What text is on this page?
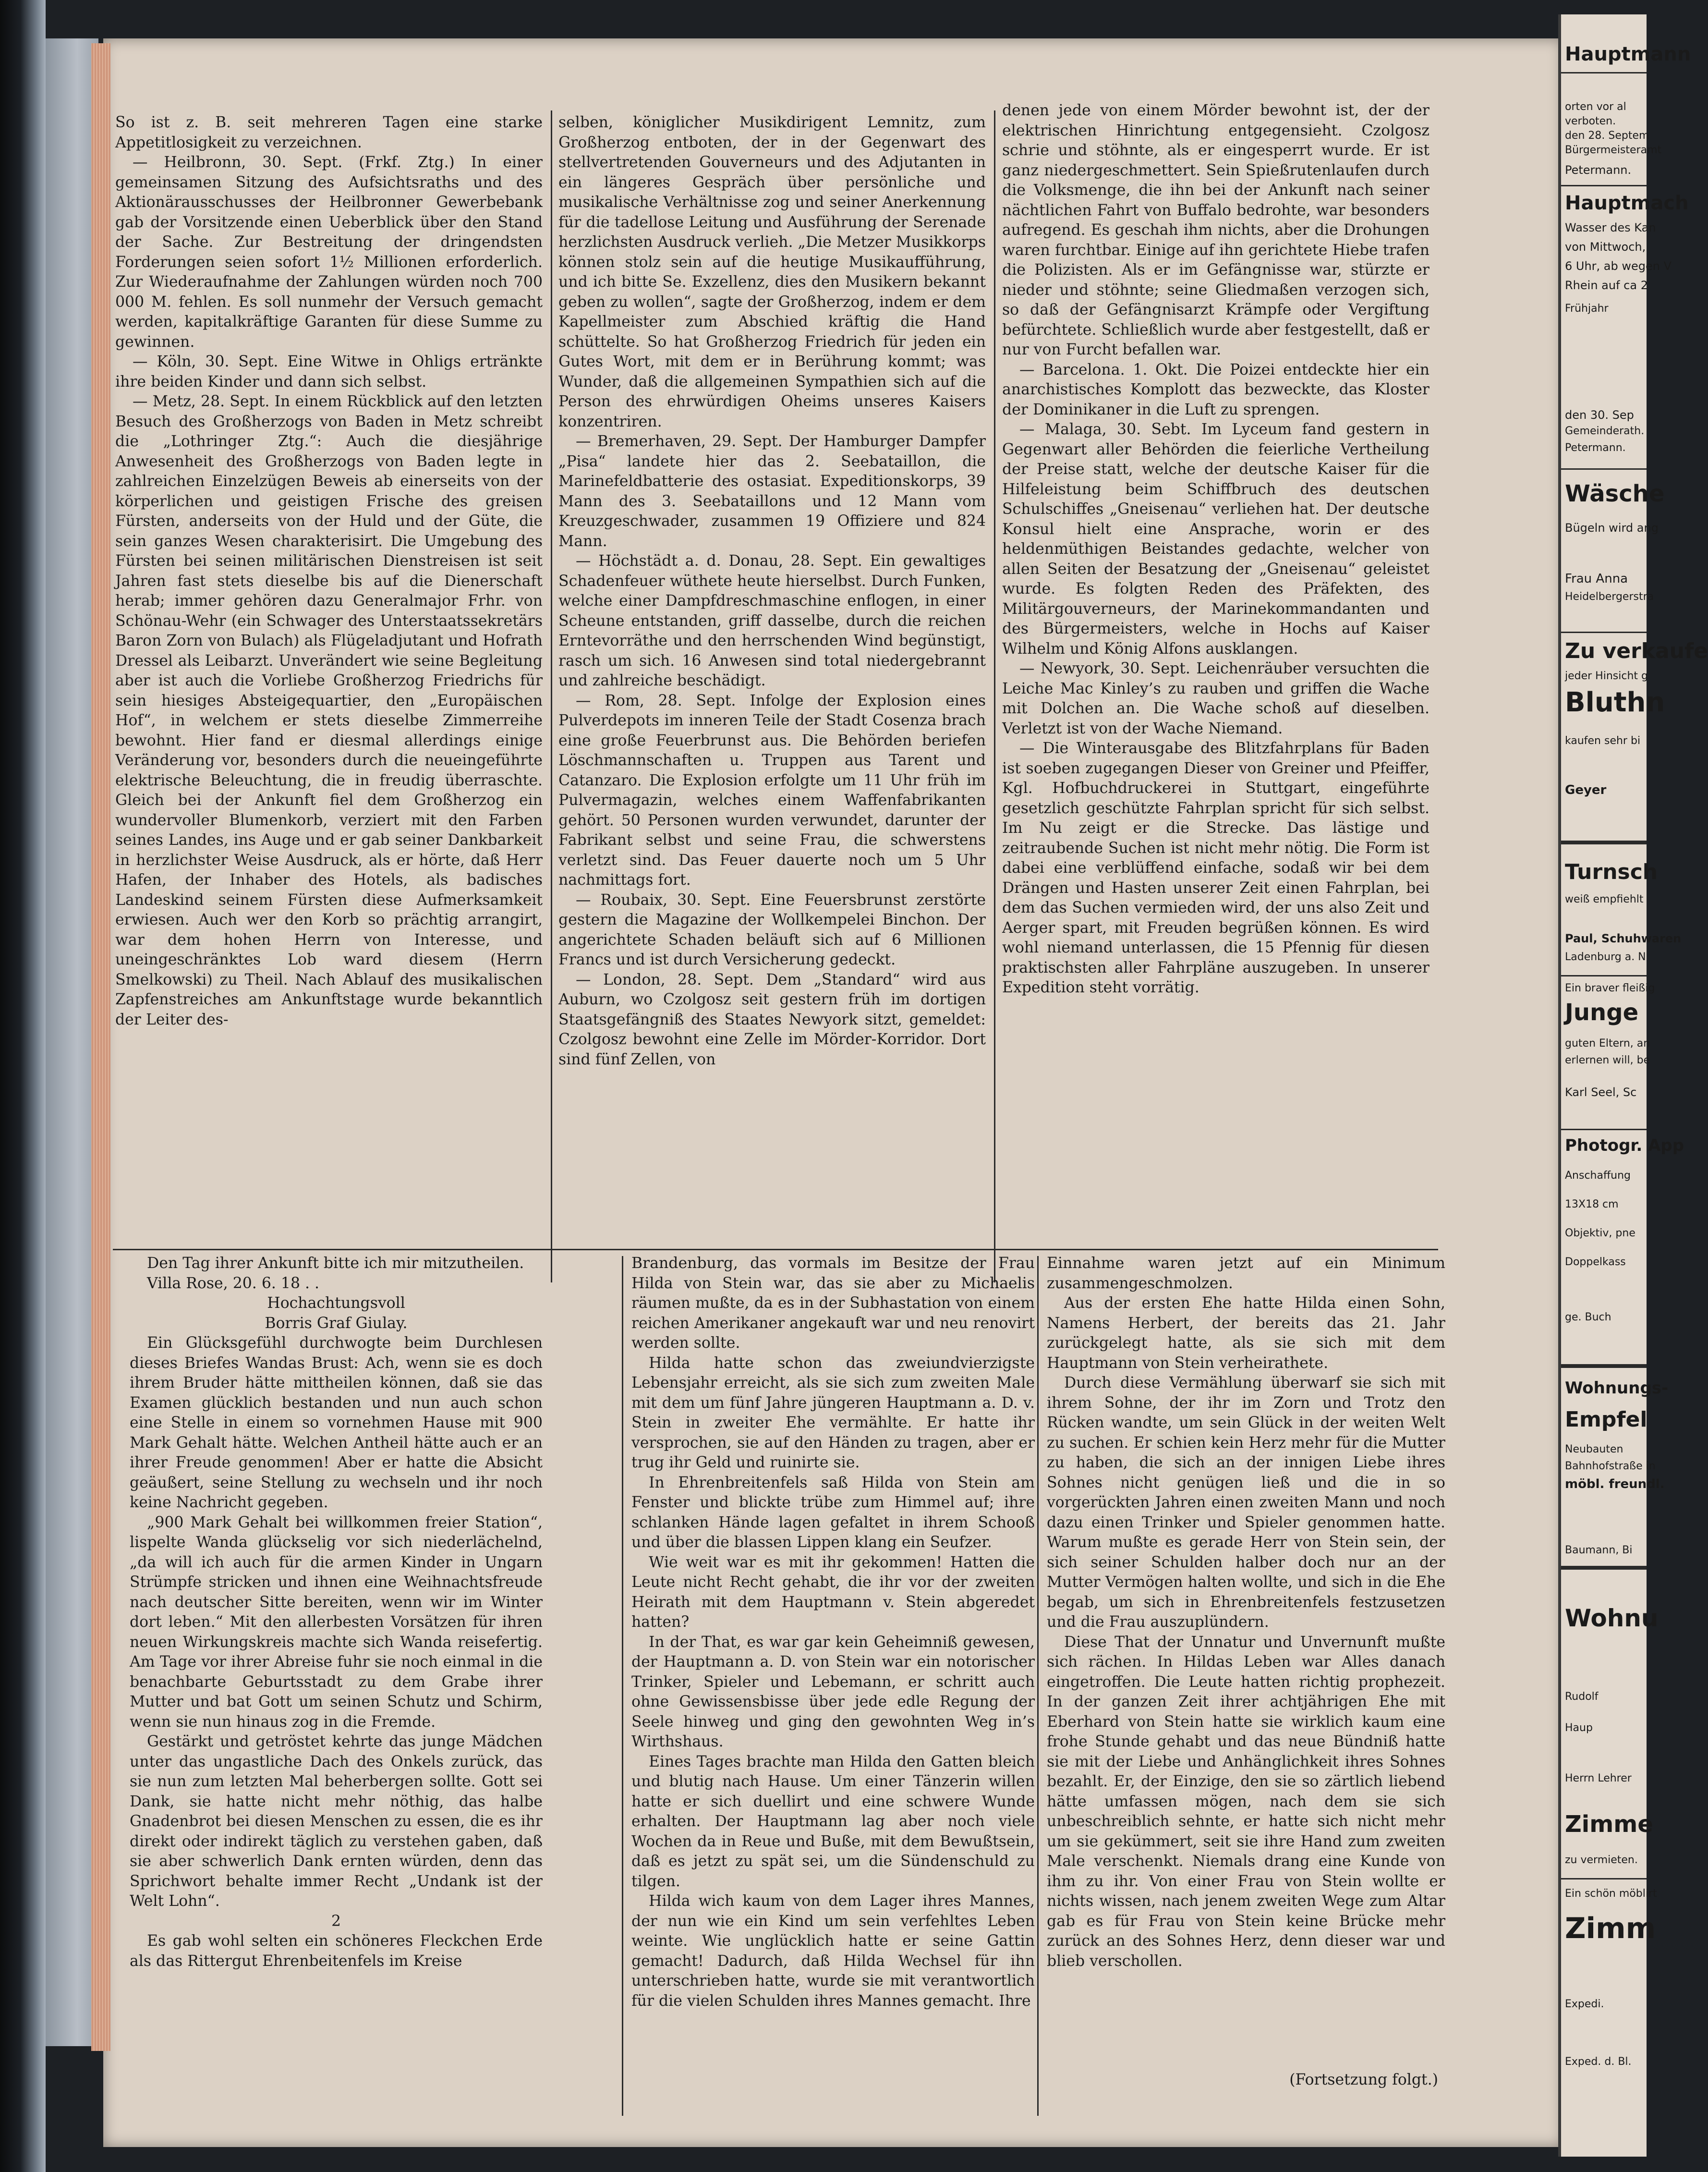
So ist z. B. seit mehreren Tagen eine starke Appetitlosigkeit zu verzeichnen.

— Heilbronn, 30. Sept. (Frkf. Ztg.) In einer gemeinsamen Sitzung des Aufsichtsraths und des Aktionärausschusses der Heilbronner Gewerbebank gab der Vorsitzende einen Ueberblick über den Stand der Sache. Zur Bestreitung der dringendsten Forderungen seien sofort 1½ Millionen erforderlich. Zur Wiederaufnahme der Zahlungen würden noch 700 000 M. fehlen. Es soll nunmehr der Versuch gemacht werden, kapitalkräftige Garanten für diese Summe zu gewinnen.

— Köln, 30. Sept. Eine Witwe in Ohligs ertränkte ihre beiden Kinder und dann sich selbst.

— Metz, 28. Sept. In einem Rückblick auf den letzten Besuch des Großherzogs von Baden in Metz schreibt die „Lothringer Ztg.“: Auch die diesjährige Anwesenheit des Großherzogs von Baden legte in zahlreichen Einzelzügen Beweis ab einerseits von der körperlichen und geistigen Frische des greisen Fürsten, anderseits von der Huld und der Güte, die sein ganzes Wesen charakterisirt. Die Umgebung des Fürsten bei seinen militärischen Dienstreisen ist seit Jahren fast stets dieselbe bis auf die Dienerschaft herab; immer gehören dazu Generalmajor Frhr. von Schönau-Wehr (ein Schwager des Unterstaatssekretärs Baron Zorn von Bulach) als Flügeladjutant und Hofrath Dressel als Leibarzt. Unverändert wie seine Begleitung aber ist auch die Vorliebe Großherzog Friedrichs für sein hiesiges Absteigequartier, den „Europäischen Hof“, in welchem er stets dieselbe Zimmerreihe bewohnt. Hier fand er diesmal allerdings einige Veränderung vor, besonders durch die neueingeführte elektrische Beleuchtung, die in freudig überraschte. Gleich bei der Ankunft fiel dem Großherzog ein wundervoller Blumenkorb, verziert mit den Farben seines Landes, ins Auge und er gab seiner Dankbarkeit in herzlichster Weise Ausdruck, als er hörte, daß Herr Hafen, der Inhaber des Hotels, als badisches Landeskind seinem Fürsten diese Aufmerksamkeit erwiesen. Auch wer den Korb so prächtig arrangirt, war dem hohen Herrn von Interesse, und uneingeschränktes Lob ward diesem (Herrn Smelkowski) zu Theil. Nach Ablauf des musikalischen Zapfenstreiches am Ankunftstage wurde bekanntlich der Leiter des-

selben, königlicher Musikdirigent Lemnitz, zum Großherzog entboten, der in der Gegenwart des stellvertretenden Gouverneurs und des Adjutanten in ein längeres Gespräch über persönliche und musikalische Verhältnisse zog und seiner Anerkennung für die tadellose Leitung und Ausführung der Serenade herzlichsten Ausdruck verlieh. „Die Metzer Musikkorps können stolz sein auf die heutige Musikaufführung, und ich bitte Se. Exzellenz, dies den Musikern bekannt geben zu wollen“, sagte der Großherzog, indem er dem Kapellmeister zum Abschied kräftig die Hand schüttelte. So hat Großherzog Friedrich für jeden ein Gutes Wort, mit dem er in Berührung kommt; was Wunder, daß die allgemeinen Sympathien sich auf die Person des ehrwürdigen Oheims unseres Kaisers konzentriren.

— Bremerhaven, 29. Sept. Der Hamburger Dampfer „Pisa“ landete hier das 2. Seebataillon, die Marinefeldbatterie des ostasiat. Expeditionskorps, 39 Mann des 3. Seebataillons und 12 Mann vom Kreuzgeschwader, zusammen 19 Offiziere und 824 Mann.

— Höchstädt a. d. Donau, 28. Sept. Ein gewaltiges Schadenfeuer wüthete heute hierselbst. Durch Funken, welche einer Dampfdreschmaschine enflogen, in einer Scheune entstanden, griff dasselbe, durch die reichen Erntevorräthe und den herrschenden Wind begünstigt, rasch um sich. 16 Anwesen sind total niedergebrannt und zahlreiche beschädigt.

— Rom, 28. Sept. Infolge der Explosion eines Pulverdepots im inneren Teile der Stadt Cosenza brach eine große Feuerbrunst aus. Die Behörden beriefen Löschmannschaften u. Truppen aus Tarent und Catanzaro. Die Explosion erfolgte um 11 Uhr früh im Pulvermagazin, welches einem Waffenfabrikanten gehört. 50 Personen wurden verwundet, darunter der Fabrikant selbst und seine Frau, die schwerstens verletzt sind. Das Feuer dauerte noch um 5 Uhr nachmittags fort.

— Roubaix, 30. Sept. Eine Feuersbrunst zerstörte gestern die Magazine der Wollkempelei Binchon. Der angerichtete Schaden beläuft sich auf 6 Millionen Francs und ist durch Versicherung gedeckt.

— London, 28. Sept. Dem „Standard“ wird aus Auburn, wo Czolgosz seit gestern früh im dortigen Staatsgefängniß des Staates Newyork sitzt, gemeldet: Czolgosz bewohnt eine Zelle im Mörder-Korridor. Dort sind fünf Zellen, von

denen jede von einem Mörder bewohnt ist, der der elektrischen Hinrichtung entgegensieht. Czolgosz schrie und stöhnte, als er eingesperrt wurde. Er ist ganz niedergeschmettert. Sein Spießrutenlaufen durch die Volksmenge, die ihn bei der Ankunft nach seiner nächtlichen Fahrt von Buffalo bedrohte, war besonders aufregend. Es geschah ihm nichts, aber die Drohungen waren furchtbar. Einige auf ihn gerichtete Hiebe trafen die Polizisten. Als er im Gefängnisse war, stürzte er nieder und stöhnte; seine Gliedmaßen verzogen sich, so daß der Gefängnisarzt Krämpfe oder Vergiftung befürchtete. Schließlich wurde aber festgestellt, daß er nur von Furcht befallen war.

— Barcelona. 1. Okt. Die Poizei entdeckte hier ein anarchistisches Komplott das bezweckte, das Kloster der Dominikaner in die Luft zu sprengen.

— Malaga, 30. Sebt. Im Lyceum fand gestern in Gegenwart aller Behörden die feierliche Vertheilung der Preise statt, welche der deutsche Kaiser für die Hilfeleistung beim Schiffbruch des deutschen Schulschiffes „Gneisenau“ verliehen hat. Der deutsche Konsul hielt eine Ansprache, worin er des heldenmüthigen Beistandes gedachte, welcher von allen Seiten der Besatzung der „Gneisenau“ geleistet wurde. Es folgten Reden des Präfekten, des Militärgouverneurs, der Marinekommandanten und des Bürgermeisters, welche in Hochs auf Kaiser Wilhelm und König Alfons ausklangen.

— Newyork, 30. Sept. Leichenräuber versuchten die Leiche Mac Kinley’s zu rauben und griffen die Wache mit Dolchen an. Die Wache schoß auf dieselben. Verletzt ist von der Wache Niemand.

— Die Winterausgabe des Blitzfahrplans für Baden ist soeben zugegangen Dieser von Greiner und Pfeiffer, Kgl. Hofbuchdruckerei in Stuttgart, eingeführte gesetzlich geschützte Fahrplan spricht für sich selbst. Im Nu zeigt er die Strecke. Das lästige und zeitraubende Suchen ist nicht mehr nötig. Die Form ist dabei eine verblüffend einfache, sodaß wir bei dem Drängen und Hasten unserer Zeit einen Fahrplan, bei dem das Suchen vermieden wird, der uns also Zeit und Aerger spart, mit Freuden begrüßen können. Es wird wohl niemand unterlassen, die 15 Pfennig für diesen praktischsten aller Fahrpläne auszugeben. In unserer Expedition steht vorrätig.

Den Tag ihrer Ankunft bitte ich mir mitzutheilen.

Villa Rose, 20. 6. 18 . .

Hochachtungsvoll

Borris Graf Giulay.

Ein Glücksgefühl durchwogte beim Durchlesen dieses Briefes Wandas Brust: Ach, wenn sie es doch ihrem Bruder hätte mittheilen können, daß sie das Examen glücklich bestanden und nun auch schon eine Stelle in einem so vornehmen Hause mit 900 Mark Gehalt hätte. Welchen Antheil hätte auch er an ihrer Freude genommen! Aber er hatte die Absicht geäußert, seine Stellung zu wechseln und ihr noch keine Nachricht gegeben.

„900 Mark Gehalt bei willkommen freier Station“, lispelte Wanda glückselig vor sich niederlächelnd, „da will ich auch für die armen Kinder in Ungarn Strümpfe stricken und ihnen eine Weihnachtsfreude nach deutscher Sitte bereiten, wenn wir im Winter dort leben.“ Mit den allerbesten Vorsätzen für ihren neuen Wirkungskreis machte sich Wanda reisefertig. Am Tage vor ihrer Abreise fuhr sie noch einmal in die benachbarte Geburtsstadt zu dem Grabe ihrer Mutter und bat Gott um seinen Schutz und Schirm, wenn sie nun hinaus zog in die Fremde.

Gestärkt und getröstet kehrte das junge Mädchen unter das ungastliche Dach des Onkels zurück, das sie nun zum letzten Mal beherbergen sollte. Gott sei Dank, sie hatte nicht mehr nöthig, das halbe Gnadenbrot bei diesen Menschen zu essen, die es ihr direkt oder indirekt täglich zu verstehen gaben, daß sie aber schwerlich Dank ernten würden, denn das Sprichwort behalte immer Recht „Undank ist der Welt Lohn“.

2

Es gab wohl selten ein schöneres Fleckchen Erde als das Rittergut Ehrenbeitenfels im Kreise

Brandenburg, das vormals im Besitze der Frau Hilda von Stein war, das sie aber zu Michaelis räumen mußte, da es in der Subhastation von einem reichen Amerikaner angekauft war und neu renovirt werden sollte.

Hilda hatte schon das zweiundvierzigste Lebensjahr erreicht, als sie sich zum zweiten Male mit dem um fünf Jahre jüngeren Hauptmann a. D. v. Stein in zweiter Ehe vermählte. Er hatte ihr versprochen, sie auf den Händen zu tragen, aber er trug ihr Geld und ruinirte sie.

In Ehrenbreitenfels saß Hilda von Stein am Fenster und blickte trübe zum Himmel auf; ihre schlanken Hände lagen gefaltet in ihrem Schooß und über die blassen Lippen klang ein Seufzer.

Wie weit war es mit ihr gekommen! Hatten die Leute nicht Recht gehabt, die ihr vor der zweiten Heirath mit dem Hauptmann v. Stein abgeredet hatten?

In der That, es war gar kein Geheimniß gewesen, der Hauptmann a. D. von Stein war ein notorischer Trinker, Spieler und Lebemann, er schritt auch ohne Gewissensbisse über jede edle Regung der Seele hinweg und ging den gewohnten Weg in’s Wirthshaus.

Eines Tages brachte man Hilda den Gatten bleich und blutig nach Hause. Um einer Tänzerin willen hatte er sich duellirt und eine schwere Wunde erhalten. Der Hauptmann lag aber noch viele Wochen da in Reue und Buße, mit dem Bewußtsein, daß es jetzt zu spät sei, um die Sündenschuld zu tilgen.

Hilda wich kaum von dem Lager ihres Mannes, der nun wie ein Kind um sein verfehltes Leben weinte. Wie unglücklich hatte er seine Gattin gemacht! Dadurch, daß Hilda Wechsel für ihn unterschrieben hatte, wurde sie mit verantwortlich für die vielen Schulden ihres Mannes gemacht. Ihre

Einnahme waren jetzt auf ein Minimum zusammengeschmolzen.

Aus der ersten Ehe hatte Hilda einen Sohn, Namens Herbert, der bereits das 21. Jahr zurückgelegt hatte, als sie sich mit dem Hauptmann von Stein verheirathete.

Durch diese Vermählung überwarf sie sich mit ihrem Sohne, der ihr im Zorn und Trotz den Rücken wandte, um sein Glück in der weiten Welt zu suchen. Er schien kein Herz mehr für die Mutter zu haben, die sich an der innigen Liebe ihres Sohnes nicht genügen ließ und die in so vorgerückten Jahren einen zweiten Mann und noch dazu einen Trinker und Spieler genommen hatte. Warum mußte es gerade Herr von Stein sein, der sich seiner Schulden halber doch nur an der Mutter Vermögen halten wollte, und sich in die Ehe begab, um sich in Ehrenbreitenfels festzusetzen und die Frau auszuplündern.

Diese That der Unnatur und Unvernunft mußte sich rächen. In Hildas Leben war Alles danach eingetroffen. Die Leute hatten richtig prophezeit. In der ganzen Zeit ihrer achtjährigen Ehe mit Eberhard von Stein hatte sie wirklich kaum eine frohe Stunde gehabt und das neue Bündniß hatte sie mit der Liebe und Anhänglichkeit ihres Sohnes bezahlt. Er, der Einzige, den sie so zärtlich liebend hätte umfassen mögen, nach dem sie sich unbeschreiblich sehnte, er hatte sich nicht mehr um sie gekümmert, seit sie ihre Hand zum zweiten Male verschenkt. Niemals drang eine Kunde von ihm zu ihr. Von einer Frau von Stein wollte er nichts wissen, nach jenem zweiten Wege zum Altar gab es für Frau von Stein keine Brücke mehr zurück an des Sohnes Herz, denn dieser war und blieb verschollen.

(Fortsetzung folgt.)

Hauptmann
orten vor al
verboten.
den 28. Septem
Bürgermeisteramt
Petermann.
Hauptmach
Wasser des Kan
von Mittwoch,
6 Uhr, ab wegen V
Rhein auf ca 2
Frühjahr
den 30. Sep
Gemeinderath.
Petermann.
Wäsche
Bügeln wird ang
Frau Anna
Heidelbergerstra
Zu verkaufe
jeder Hinsicht g
Bluthn
kaufen sehr bi
Geyer
Turnsch
weiß empfiehlt
Paul, Schuhwaren
Ladenburg a. N
Ein braver fleißig
Junge
guten Eltern, an
erlernen will, be
Karl Seel, Sc
Photogr. App
Anschaffung
13X18 cm
Objektiv, pne
Doppelkass
ge. Buch
Wohnungs-
Empfel
Neubauten
Bahnhofstraße in
möbl. freundl.
Baumann, Bi
Wohnu
Rudolf
Haup
Herrn Lehrer
Zimme
zu vermieten.
Ein schön möblirt
Zimm
Expedi.
Exped. d. Bl.
